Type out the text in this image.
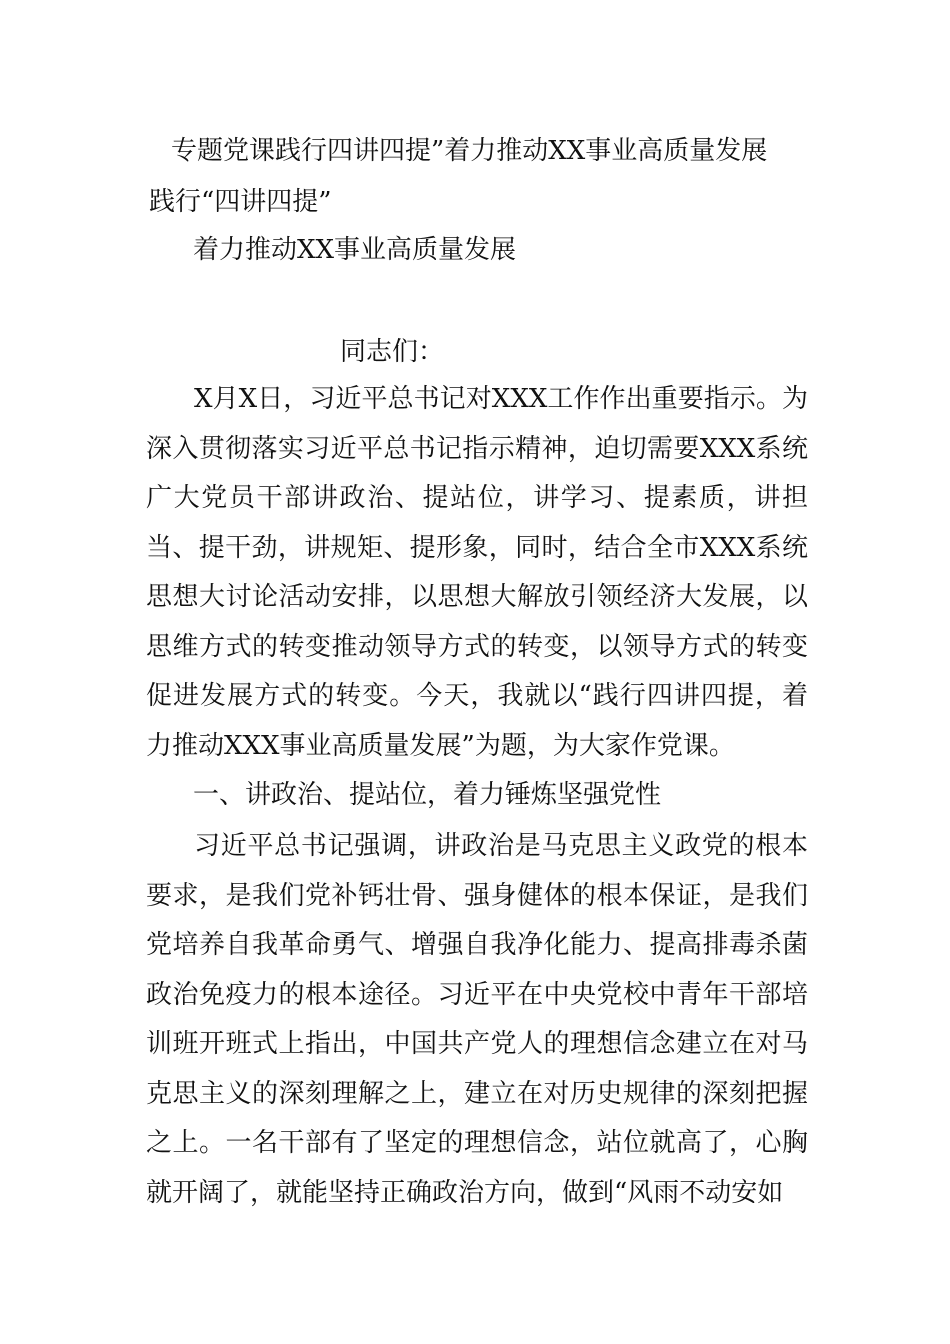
专题党课践行四讲四提”着力推动XX事业高质量发展
践行“四讲四提”
着力推动XX事业高质量发展
同志们：
X月X日，习近平总书记对XXX工作作出重要指示。为深入贯彻落实习近平总书记指示精神，迫切需要XXX系统广大党员干部讲政治、提站位，讲学习、提素质，讲担当、提干劲，讲规矩、提形象，同时，结合全市XXX系统思想大讨论活动安排，以思想大解放引领经济大发展，以思维方式的转变推动领导方式的转变，以领导方式的转变促进发展方式的转变。今天，我就以“践行四讲四提，着力推动XXX事业高质量发展”为题，为大家作党课。
一、讲政治、提站位，着力锤炼坚强党性
习近平总书记强调，讲政治是马克思主义政党的根本要求，是我们党补钙壮骨、强身健体的根本保证，是我们党培养自我革命勇气、增强自我净化能力、提高排毒杀菌政治免疫力的根本途径。习近平在中央党校中青年干部培训班开班式上指出，中国共产党人的理想信念建立在对马克思主义的深刻理解之上，建立在对历史规律的深刻把握之上。一名干部有了坚定的理想信念，站位就高了，心胸就开阔了，就能坚持正确政治方向，做到“风雨不动安如
